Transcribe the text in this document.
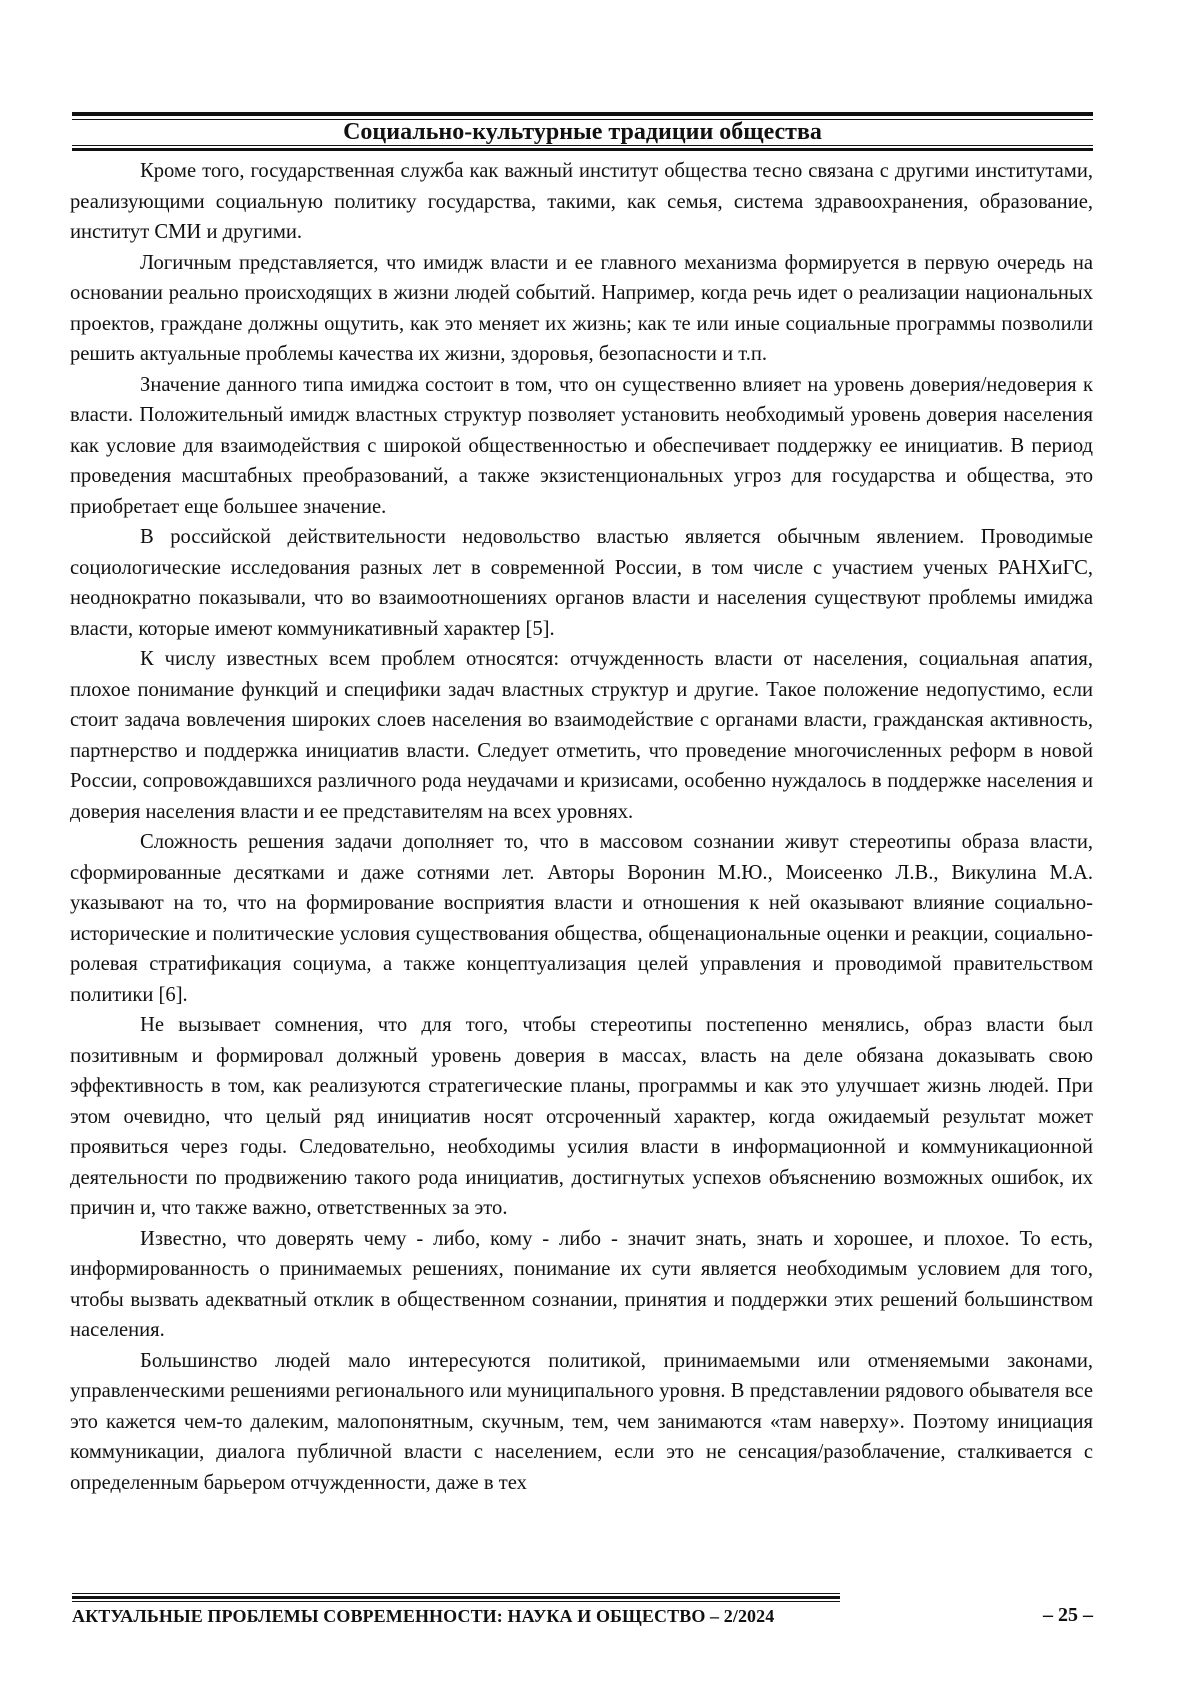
Социально-культурные традиции общества

Кроме того, государственная служба как важный институт общества тесно связана с другими институтами, реализующими социальную политику государства, такими, как семья, система здравоохранения, образование, институт СМИ и другими.

Логичным представляется, что имидж власти и ее главного механизма формируется в первую очередь на основании реально происходящих в жизни людей событий. Например, когда речь идет о реализации национальных проектов, граждане должны ощутить, как это меняет их жизнь; как те или иные социальные программы позволили решить актуальные проблемы качества их жизни, здоровья, безопасности и т.п.

Значение данного типа имиджа состоит в том, что он существенно влияет на уровень доверия/недоверия к власти. Положительный имидж властных структур позволяет установить необходимый уровень доверия населения как условие для взаимодействия с широкой общественностью и обеспечивает поддержку ее инициатив. В период проведения масштабных преобразований, а также экзистенциональных угроз для государства и общества, это приобретает еще большее значение.

В российской действительности недовольство властью является обычным явлением. Проводимые социологические исследования разных лет в современной России, в том числе с участием ученых РАНХиГС, неоднократно показывали, что во взаимоотношениях органов власти и населения существуют проблемы имиджа власти, которые имеют коммуникативный характер [5].

К числу известных всем проблем относятся: отчужденность власти от населения, социальная апатия, плохое понимание функций и специфики задач властных структур и другие. Такое положение недопустимо, если стоит задача вовлечения широких слоев населения во взаимодействие с органами власти, гражданская активность, партнерство и поддержка инициатив власти. Следует отметить, что проведение многочисленных реформ в новой России, сопровождавшихся различного рода неудачами и кризисами, особенно нуждалось в поддержке населения и доверия населения власти и ее представителям на всех уровнях.

Сложность решения задачи дополняет то, что в массовом сознании живут стереотипы образа власти, сформированные десятками и даже сотнями лет. Авторы Воронин М.Ю., Моисеенко Л.В., Викулина М.А. указывают на то, что на формирование восприятия власти и отношения к ней оказывают влияние социально-исторические и политические условия существования общества, общенациональные оценки и реакции, социально-ролевая стратификация социума, а также концептуализация целей управления и проводимой правительством политики [6].

Не вызывает сомнения, что для того, чтобы стереотипы постепенно менялись, образ власти был позитивным и формировал должный уровень доверия в массах, власть на деле обязана доказывать свою эффективность в том, как реализуются стратегические планы, программы и как это улучшает жизнь людей. При этом очевидно, что целый ряд инициатив носят отсроченный характер, когда ожидаемый результат может проявиться через годы. Следовательно, необходимы усилия власти в информационной и коммуникационной деятельности по продвижению такого рода инициатив, достигнутых успехов объяснению возможных ошибок, их причин и, что также важно, ответственных за это.

Известно, что доверять чему - либо, кому - либо - значит знать, знать и хорошее, и плохое. То есть, информированность о принимаемых решениях, понимание их сути является необходимым условием для того, чтобы вызвать адекватный отклик в общественном сознании, принятия и поддержки этих решений большинством населения.

Большинство людей мало интересуются политикой, принимаемыми или отменяемыми законами, управленческими решениями регионального или муниципального уровня. В представлении рядового обывателя все это кажется чем-то далеким, малопонятным, скучным, тем, чем занимаются «там наверху». Поэтому инициация коммуникации, диалога публичной власти с населением, если это не сенсация/разоблачение, сталкивается с определенным барьером отчужденности, даже в тех

АКТУАЛЬНЫЕ ПРОБЛЕМЫ СОВРЕМЕННОСТИ: НАУКА И ОБЩЕСТВО – 2/2024	– 25 –
